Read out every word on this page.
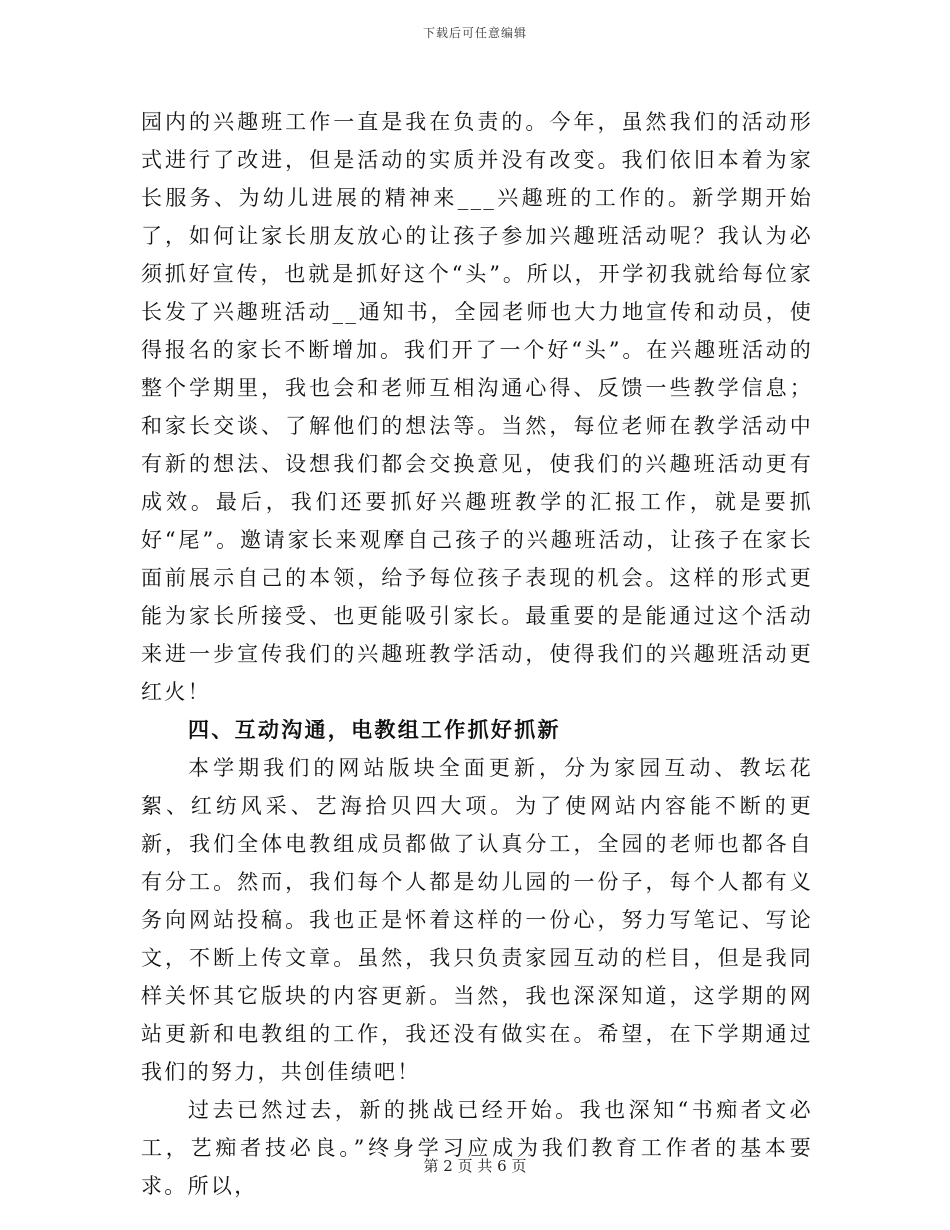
下载后可任意编辑

园内的兴趣班工作一直是我在负责的。今年，虽然我们的活动形式进行了改进，但是活动的实质并没有改变。我们依旧本着为家长服务、为幼儿进展的精神来___兴趣班的工作的。新学期开始了，如何让家长朋友放心的让孩子参加兴趣班活动呢？我认为必须抓好宣传，也就是抓好这个“头”。所以，开学初我就给每位家长发了兴趣班活动__通知书，全园老师也大力地宣传和动员，使得报名的家长不断增加。我们开了一个好“头”。在兴趣班活动的整个学期里，我也会和老师互相沟通心得、反馈一些教学信息；和家长交谈、了解他们的想法等。当然，每位老师在教学活动中有新的想法、设想我们都会交换意见，使我们的兴趣班活动更有成效。最后，我们还要抓好兴趣班教学的汇报工作，就是要抓好“尾”。邀请家长来观摩自己孩子的兴趣班活动，让孩子在家长面前展示自己的本领，给予每位孩子表现的机会。这样的形式更能为家长所接受、也更能吸引家长。最重要的是能通过这个活动来进一步宣传我们的兴趣班教学活动，使得我们的兴趣班活动更红火！

四、互动沟通，电教组工作抓好抓新

本学期我们的网站版块全面更新，分为家园互动、教坛花絮、红纺风采、艺海拾贝四大项。为了使网站内容能不断的更新，我们全体电教组成员都做了认真分工，全园的老师也都各自有分工。然而，我们每个人都是幼儿园的一份子，每个人都有义务向网站投稿。我也正是怀着这样的一份心，努力写笔记、写论文，不断上传文章。虽然，我只负责家园互动的栏目，但是我同样关怀其它版块的内容更新。当然，我也深深知道，这学期的网站更新和电教组的工作，我还没有做实在。希望，在下学期通过我们的努力，共创佳绩吧！

过去已然过去，新的挑战已经开始。我也深知“书痴者文必工，艺痴者技必良。”终身学习应成为我们教育工作者的基本要求。所以，

第 2 页 共 6 页
